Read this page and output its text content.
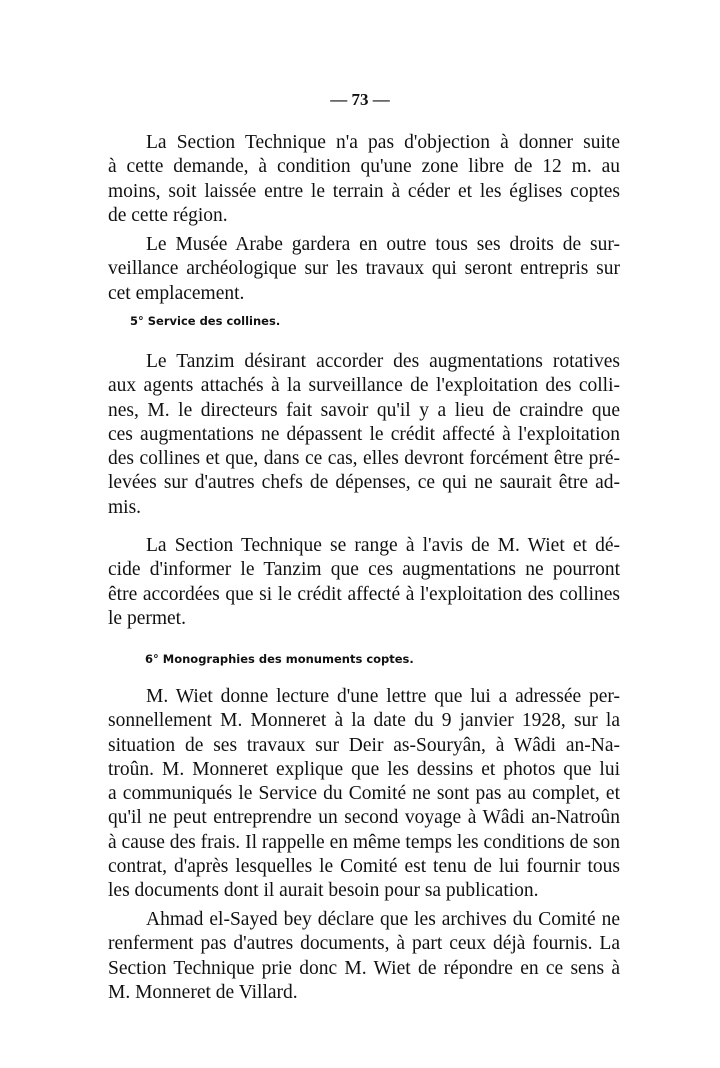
— 73 —
La Section Technique n'a pas d'objection à donner suite
à cette demande, à condition qu'une zone libre de 12 m. au
moins, soit laissée entre le terrain à céder et les églises coptes
de cette région.
Le Musée Arabe gardera en outre tous ses droits de sur-
veillance archéologique sur les travaux qui seront entrepris sur
cet emplacement.
5° Service des collines.
Le Tanzim désirant accorder des augmentations rotatives
aux agents attachés à la surveillance de l'exploitation des colli-
nes, M. le directeurs fait savoir qu'il y a lieu de craindre que
ces augmentations ne dépassent le crédit affecté à l'exploitation
des collines et que, dans ce cas, elles devront forcément être pré-
levées sur d'autres chefs de dépenses, ce qui ne saurait être ad-
mis.
La Section Technique se range à l'avis de M. Wiet et dé-
cide d'informer le Tanzim que ces augmentations ne pourront
être accordées que si le crédit affecté à l'exploitation des collines
le permet.
6° Monographies des monuments coptes.
M. Wiet donne lecture d'une lettre que lui a adressée per-
sonnellement M. Monneret à la date du 9 janvier 1928, sur la
situation de ses travaux sur Deir as-Souryân, à Wâdi an-Na-
troûn. M. Monneret explique que les dessins et photos que lui
a communiqués le Service du Comité ne sont pas au complet, et
qu'il ne peut entreprendre un second voyage à Wâdi an-Natroûn
à cause des frais. Il rappelle en même temps les conditions de son
contrat, d'après lesquelles le Comité est tenu de lui fournir tous
les documents dont il aurait besoin pour sa publication.
Ahmad el-Sayed bey déclare que les archives du Comité ne
renferment pas d'autres documents, à part ceux déjà fournis. La
Section Technique prie donc M. Wiet de répondre en ce sens à
M. Monneret de Villard.
